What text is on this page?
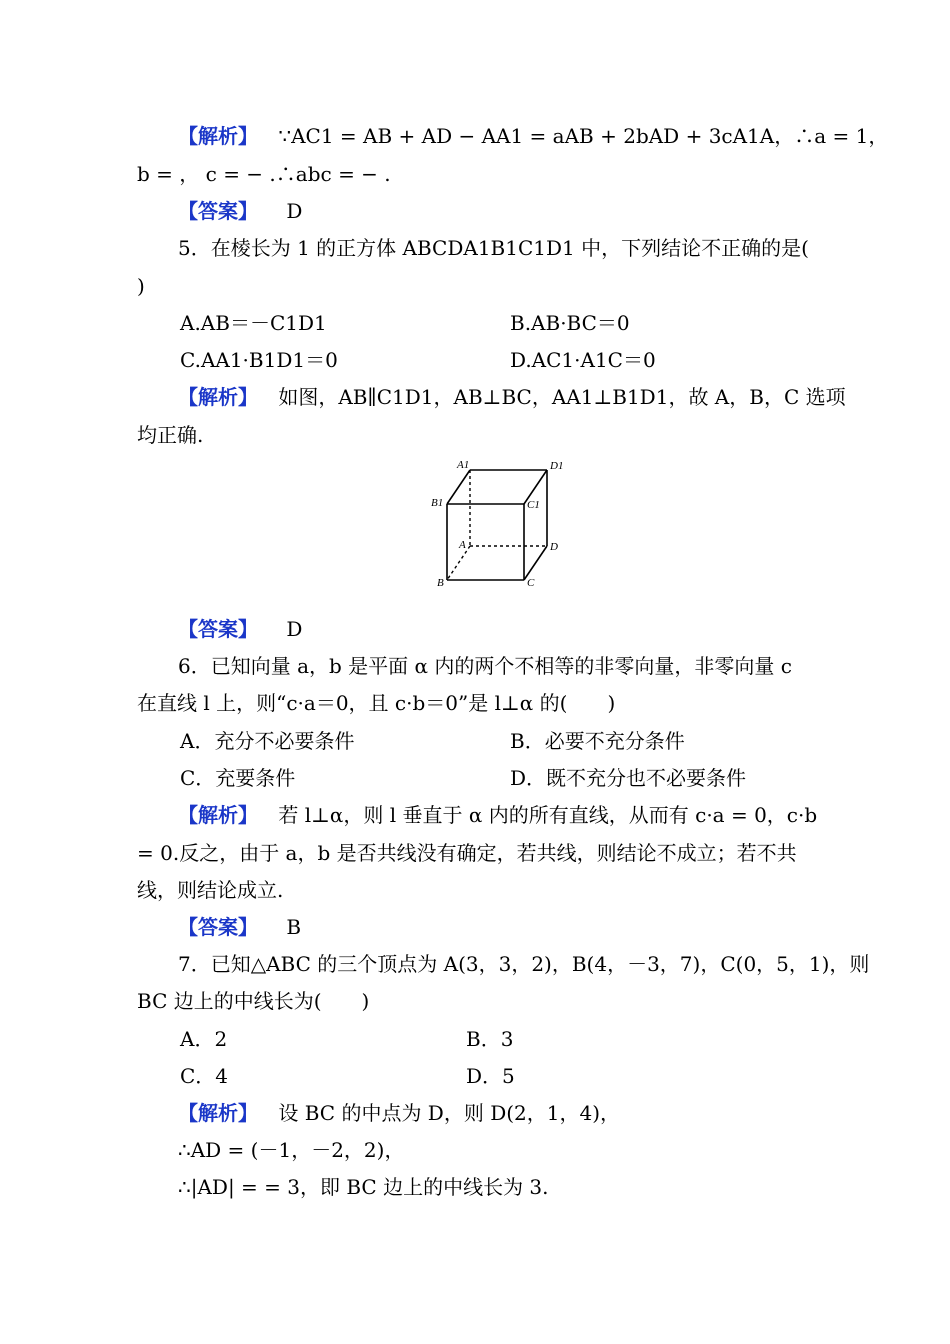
【解析】 ∵AC1 = AB + AD − AA1 = aAB + 2bAD + 3cA1A，∴a = 1，
b = ， c = − .∴abc = − .
【答案】 D
5．在棱长为 1 的正方体 ABCDA1B1C1D1 中，下列结论不正确的是(
)
A.AB＝－C1D1	B.AB·BC＝0
C.AA1·B1D1＝0	D.AC1·A1C＝0
【解析】 如图，AB∥C1D1，AB⊥BC，AA1⊥B1D1，故 A，B，C 选项
均正确.
A1	D1
B1	C1
A	D
B	C
【答案】 D
6．已知向量 a，b 是平面 α 内的两个不相等的非零向量，非零向量 c
在直线 l 上，则“c·a＝0，且 c·b＝0”是 l⊥α 的(　　)
A．充分不必要条件	B．必要不充分条件
C．充要条件	D．既不充分也不必要条件
【解析】 若 l⊥α，则 l 垂直于 α 内的所有直线，从而有 c·a = 0，c·b
= 0.反之，由于 a，b 是否共线没有确定，若共线，则结论不成立；若不共
线，则结论成立.
【答案】 B
7．已知△ABC 的三个顶点为 A(3，3，2)，B(4，－3，7)，C(0，5，1)，则
BC 边上的中线长为(　　)
A．2	B．3
C．4	D．5
【解析】 设 BC 的中点为 D，则 D(2，1，4)，
∴AD = (－1，－2，2)，
∴|AD| = = 3，即 BC 边上的中线长为 3.
